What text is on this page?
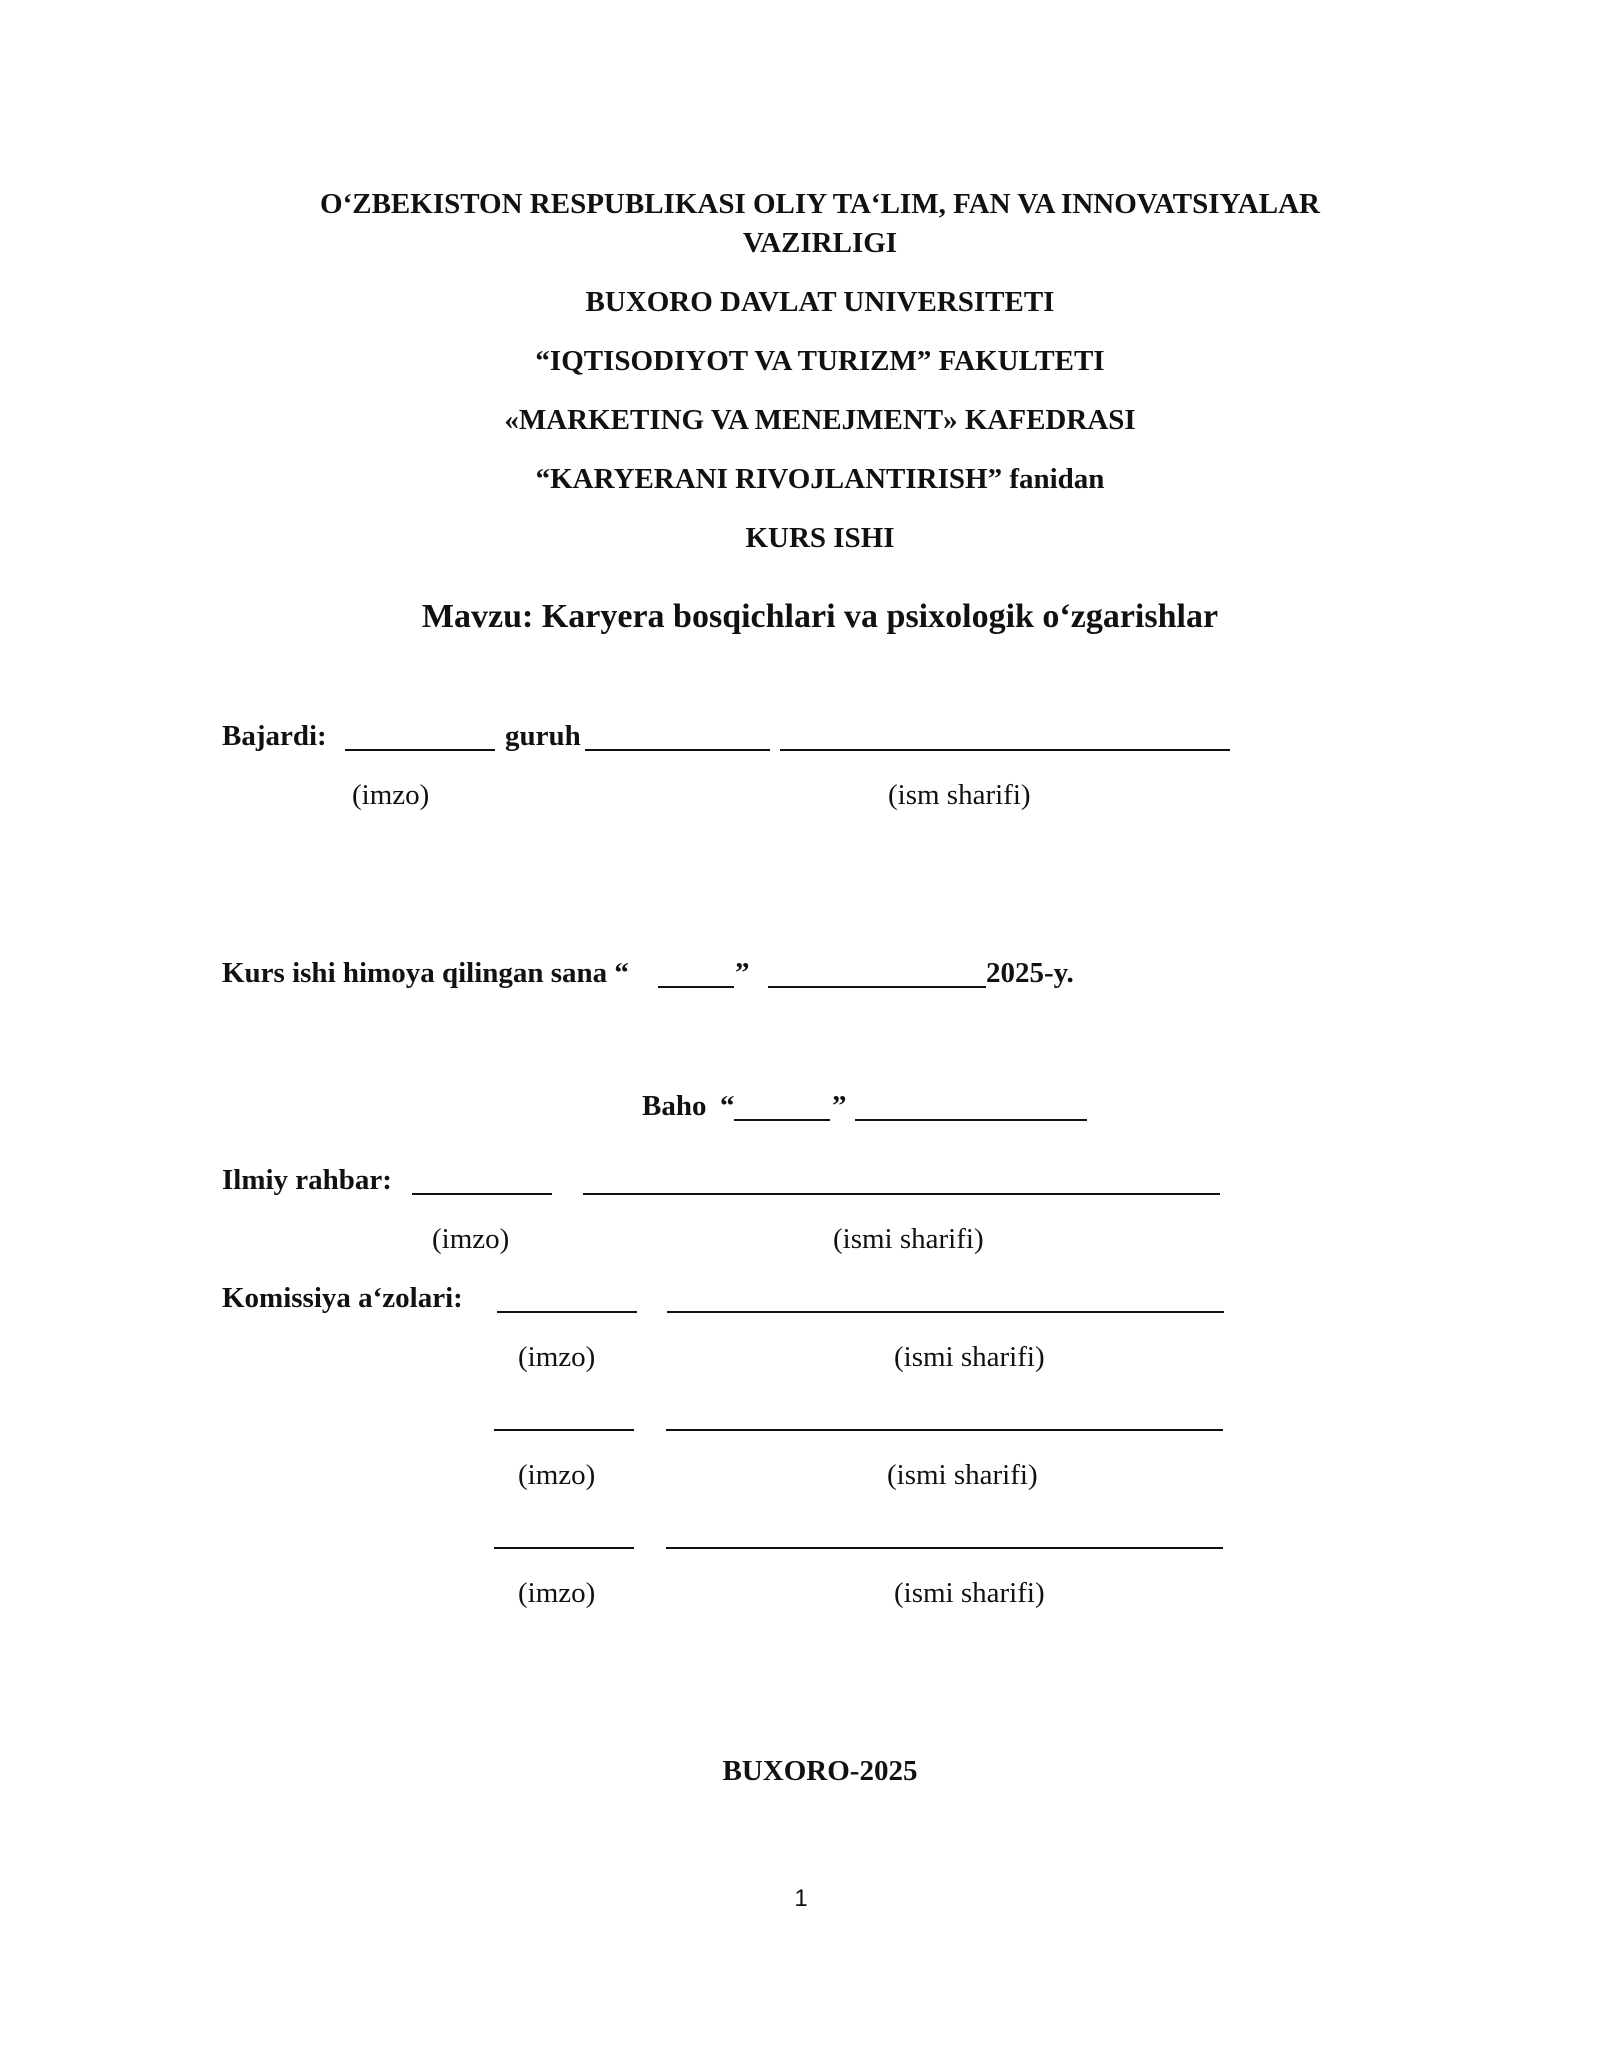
O‘ZBEKISTON RESPUBLIKASI OLIY TA‘LIM, FAN VA INNOVATSIYALAR
VAZIRLIGI
BUXORO DAVLAT UNIVERSITETI
“IQTISODIYOT VA TURIZM” FAKULTETI
«MARKETING VA MENEJMENT» KAFEDRASI
“KARYERANI RIVOJLANTIRISH” fanidan
KURS ISHI
Mavzu: Karyera bosqichlari va psixologik o‘zgarishlar
Bajardi:	guruh
(imzo)	(ism sharifi)
Kurs ishi himoya qilingan sana “	”	2025-y.
Baho “	”
Ilmiy rahbar:
(imzo)	(ismi sharifi)
Komissiya a‘zolari:
(imzo)	(ismi sharifi)
(imzo)	(ismi sharifi)
(imzo)	(ismi sharifi)
BUXORO-2025
1
